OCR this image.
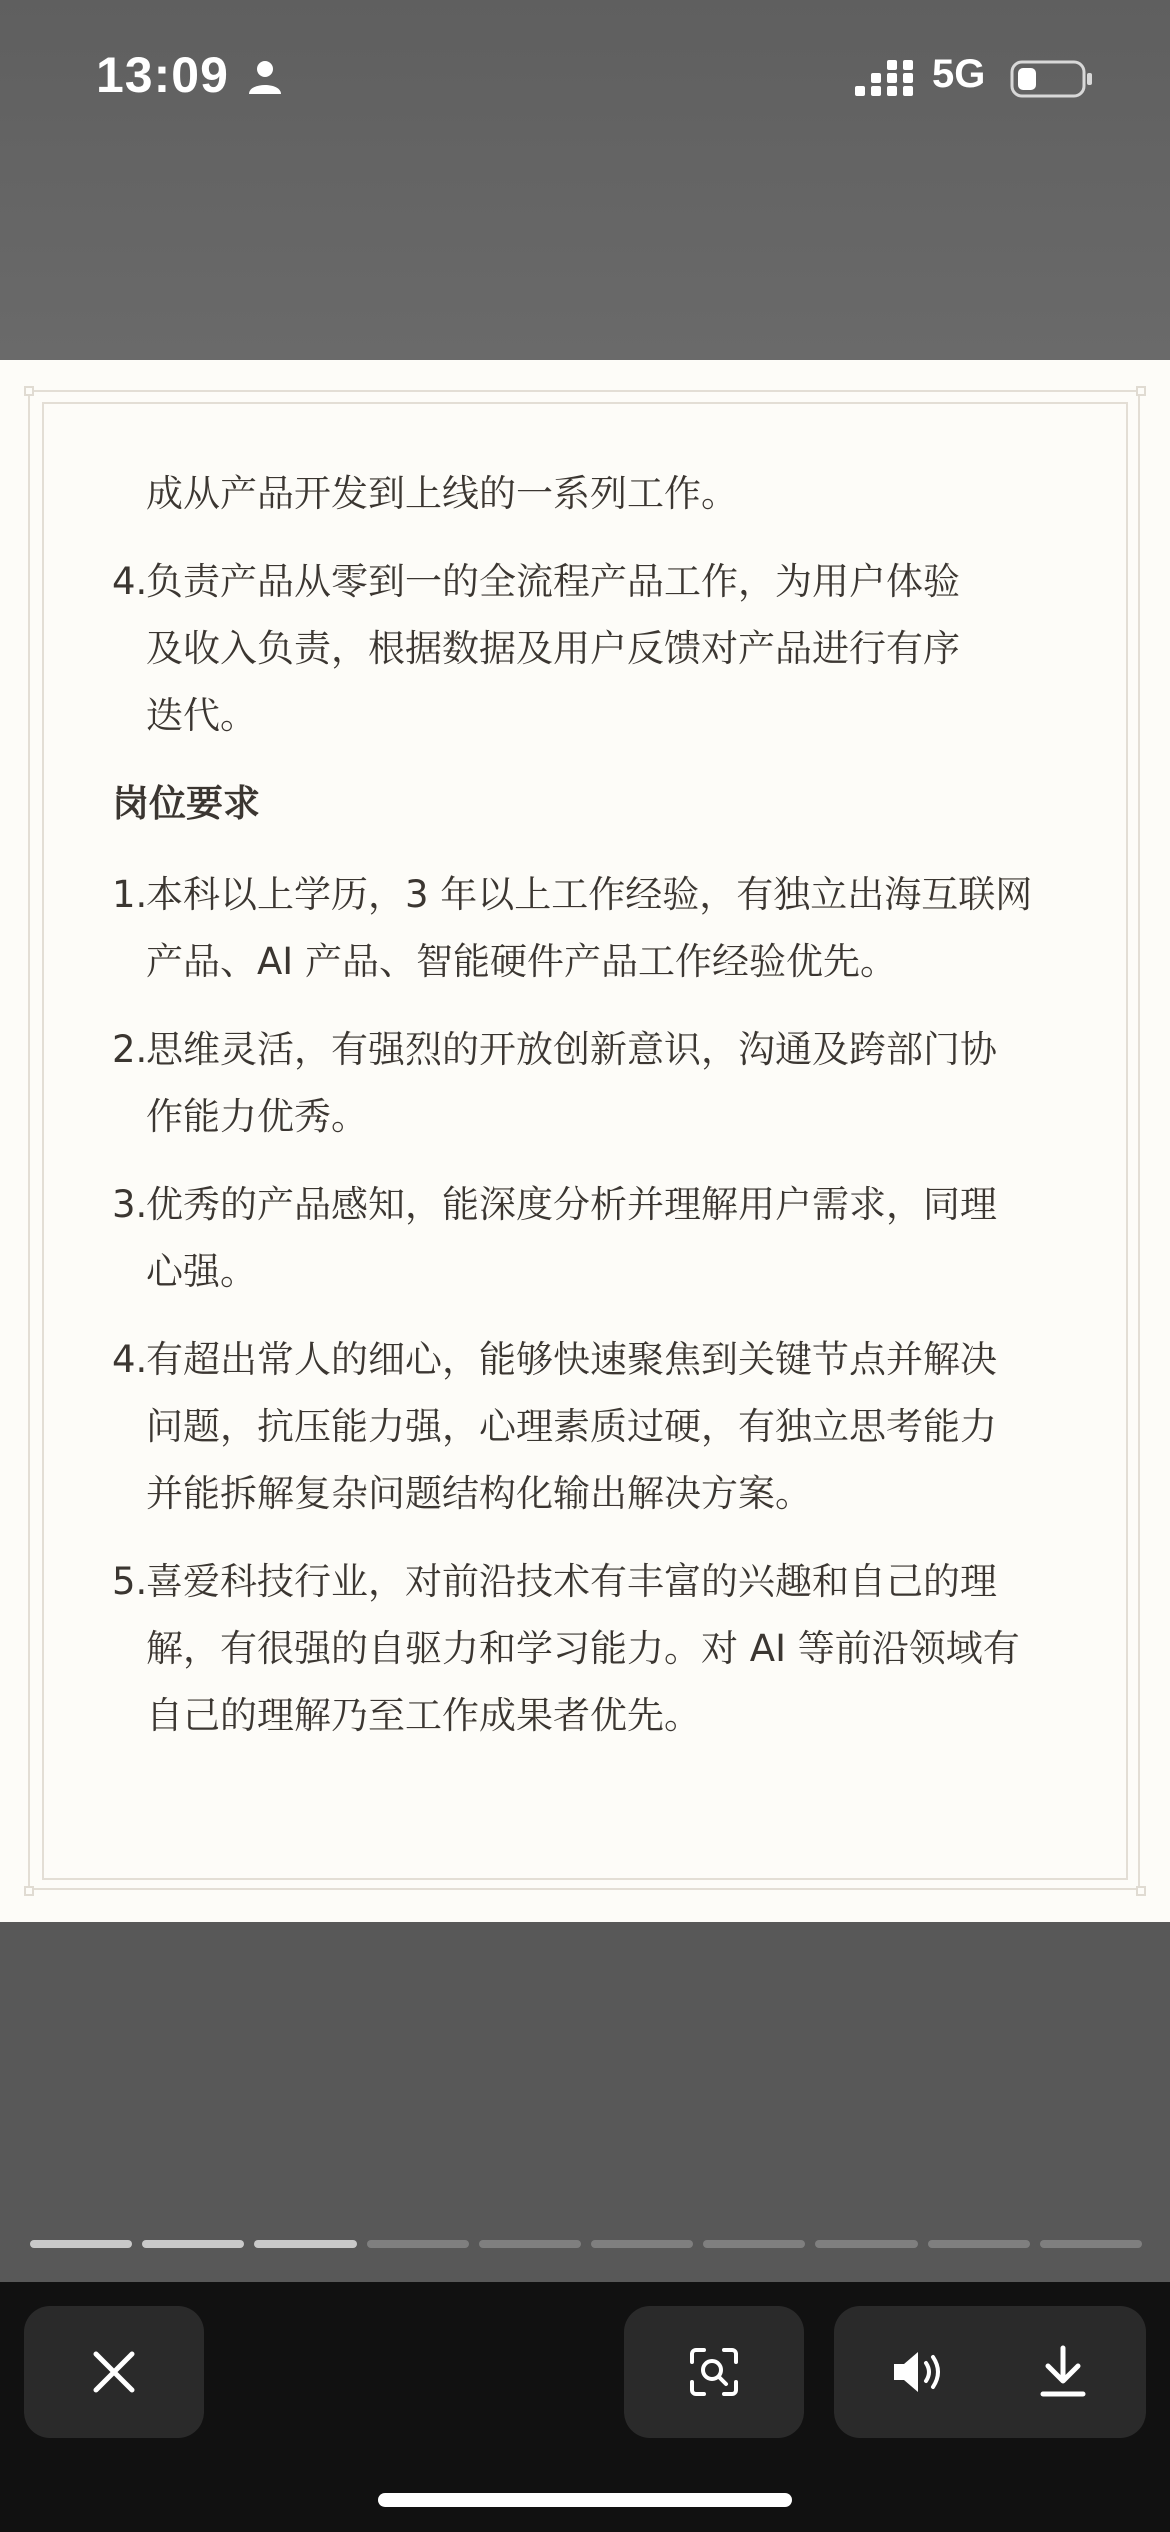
13:09	5G
成从产品开发到上线的一系列工作。
4.
负责产品从零到一的全流程产品工作，为用户体验
及收入负责，根据数据及用户反馈对产品进行有序
迭代。
岗位要求
1.
本科以上学历，3 年以上工作经验，有独立出海互联网
产品、AI 产品、智能硬件产品工作经验优先。
2.
思维灵活，有强烈的开放创新意识，沟通及跨部门协
作能力优秀。
3.
优秀的产品感知，能深度分析并理解用户需求，同理
心强。
4.
有超出常人的细心，能够快速聚焦到关键节点并解决
问题，抗压能力强，心理素质过硬，有独立思考能力
并能拆解复杂问题结构化输出解决方案。
5.
喜爱科技行业，对前沿技术有丰富的兴趣和自己的理
解，有很强的自驱力和学习能力。对 AI 等前沿领域有
自己的理解乃至工作成果者优先。
